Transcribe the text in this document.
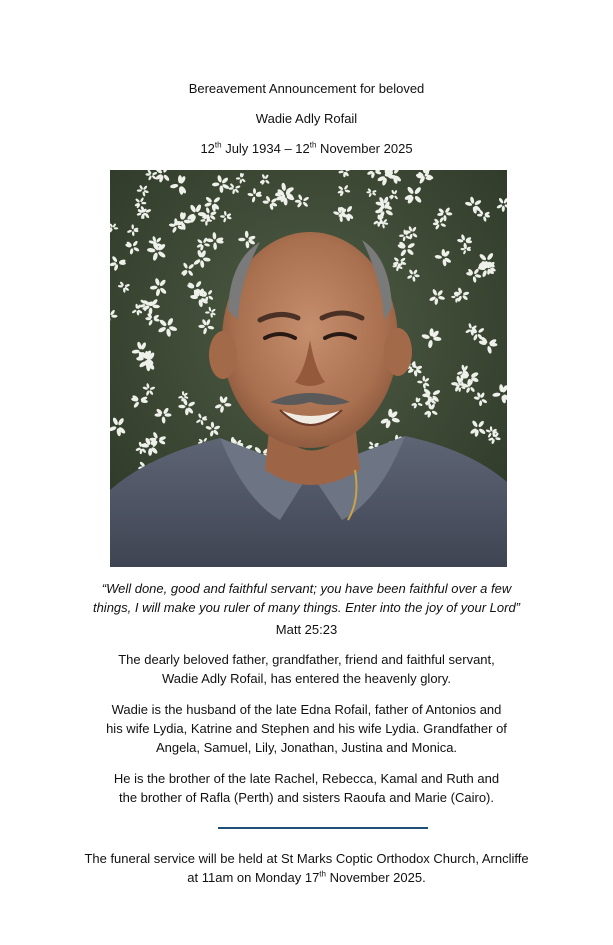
Bereavement Announcement for beloved
Wadie Adly Rofail
12th July 1934 – 12th November 2025
“Well done, good and faithful servant; you have been faithful over a few
things, I will make you ruler of many things. Enter into the joy of your Lord”
Matt 25:23
The dearly beloved father, grandfather, friend and faithful servant,
Wadie Adly Rofail, has entered the heavenly glory.
Wadie is the husband of the late Edna Rofail, father of Antonios and
his wife Lydia, Katrine and Stephen and his wife Lydia. Grandfather of
Angela, Samuel, Lily, Jonathan, Justina and Monica.
He is the brother of the late Rachel, Rebecca, Kamal and Ruth and
the brother of Rafla (Perth) and sisters Raoufa and Marie (Cairo).
The funeral service will be held at St Marks Coptic Orthodox Church, Arncliffe
at 11am on Monday 17th November 2025.
